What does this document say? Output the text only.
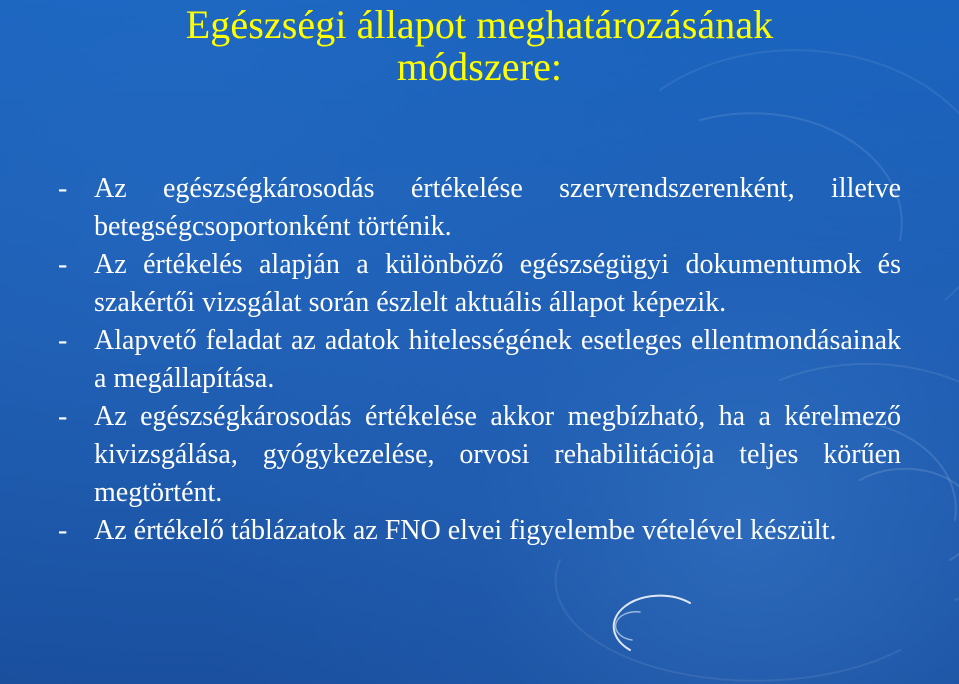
Egészségi állapot meghatározásának
módszere:
- Az egészségkárosodás értékelése szervrendszerenként, illetve betegségcsoportonként történik.
- Az értékelés alapján a különböző egészségügyi dokumentumok és szakértői vizsgálat során észlelt aktuális állapot képezik.
- Alapvető feladat az adatok hitelességének esetleges ellentmondásainak a megállapítása.
- Az egészségkárosodás értékelése akkor megbízható, ha a kérelmező kivizsgálása, gyógykezelése, orvosi rehabilitációja teljes körűen megtörtént.
- Az értékelő táblázatok az FNO elvei figyelembe vételével készült.
